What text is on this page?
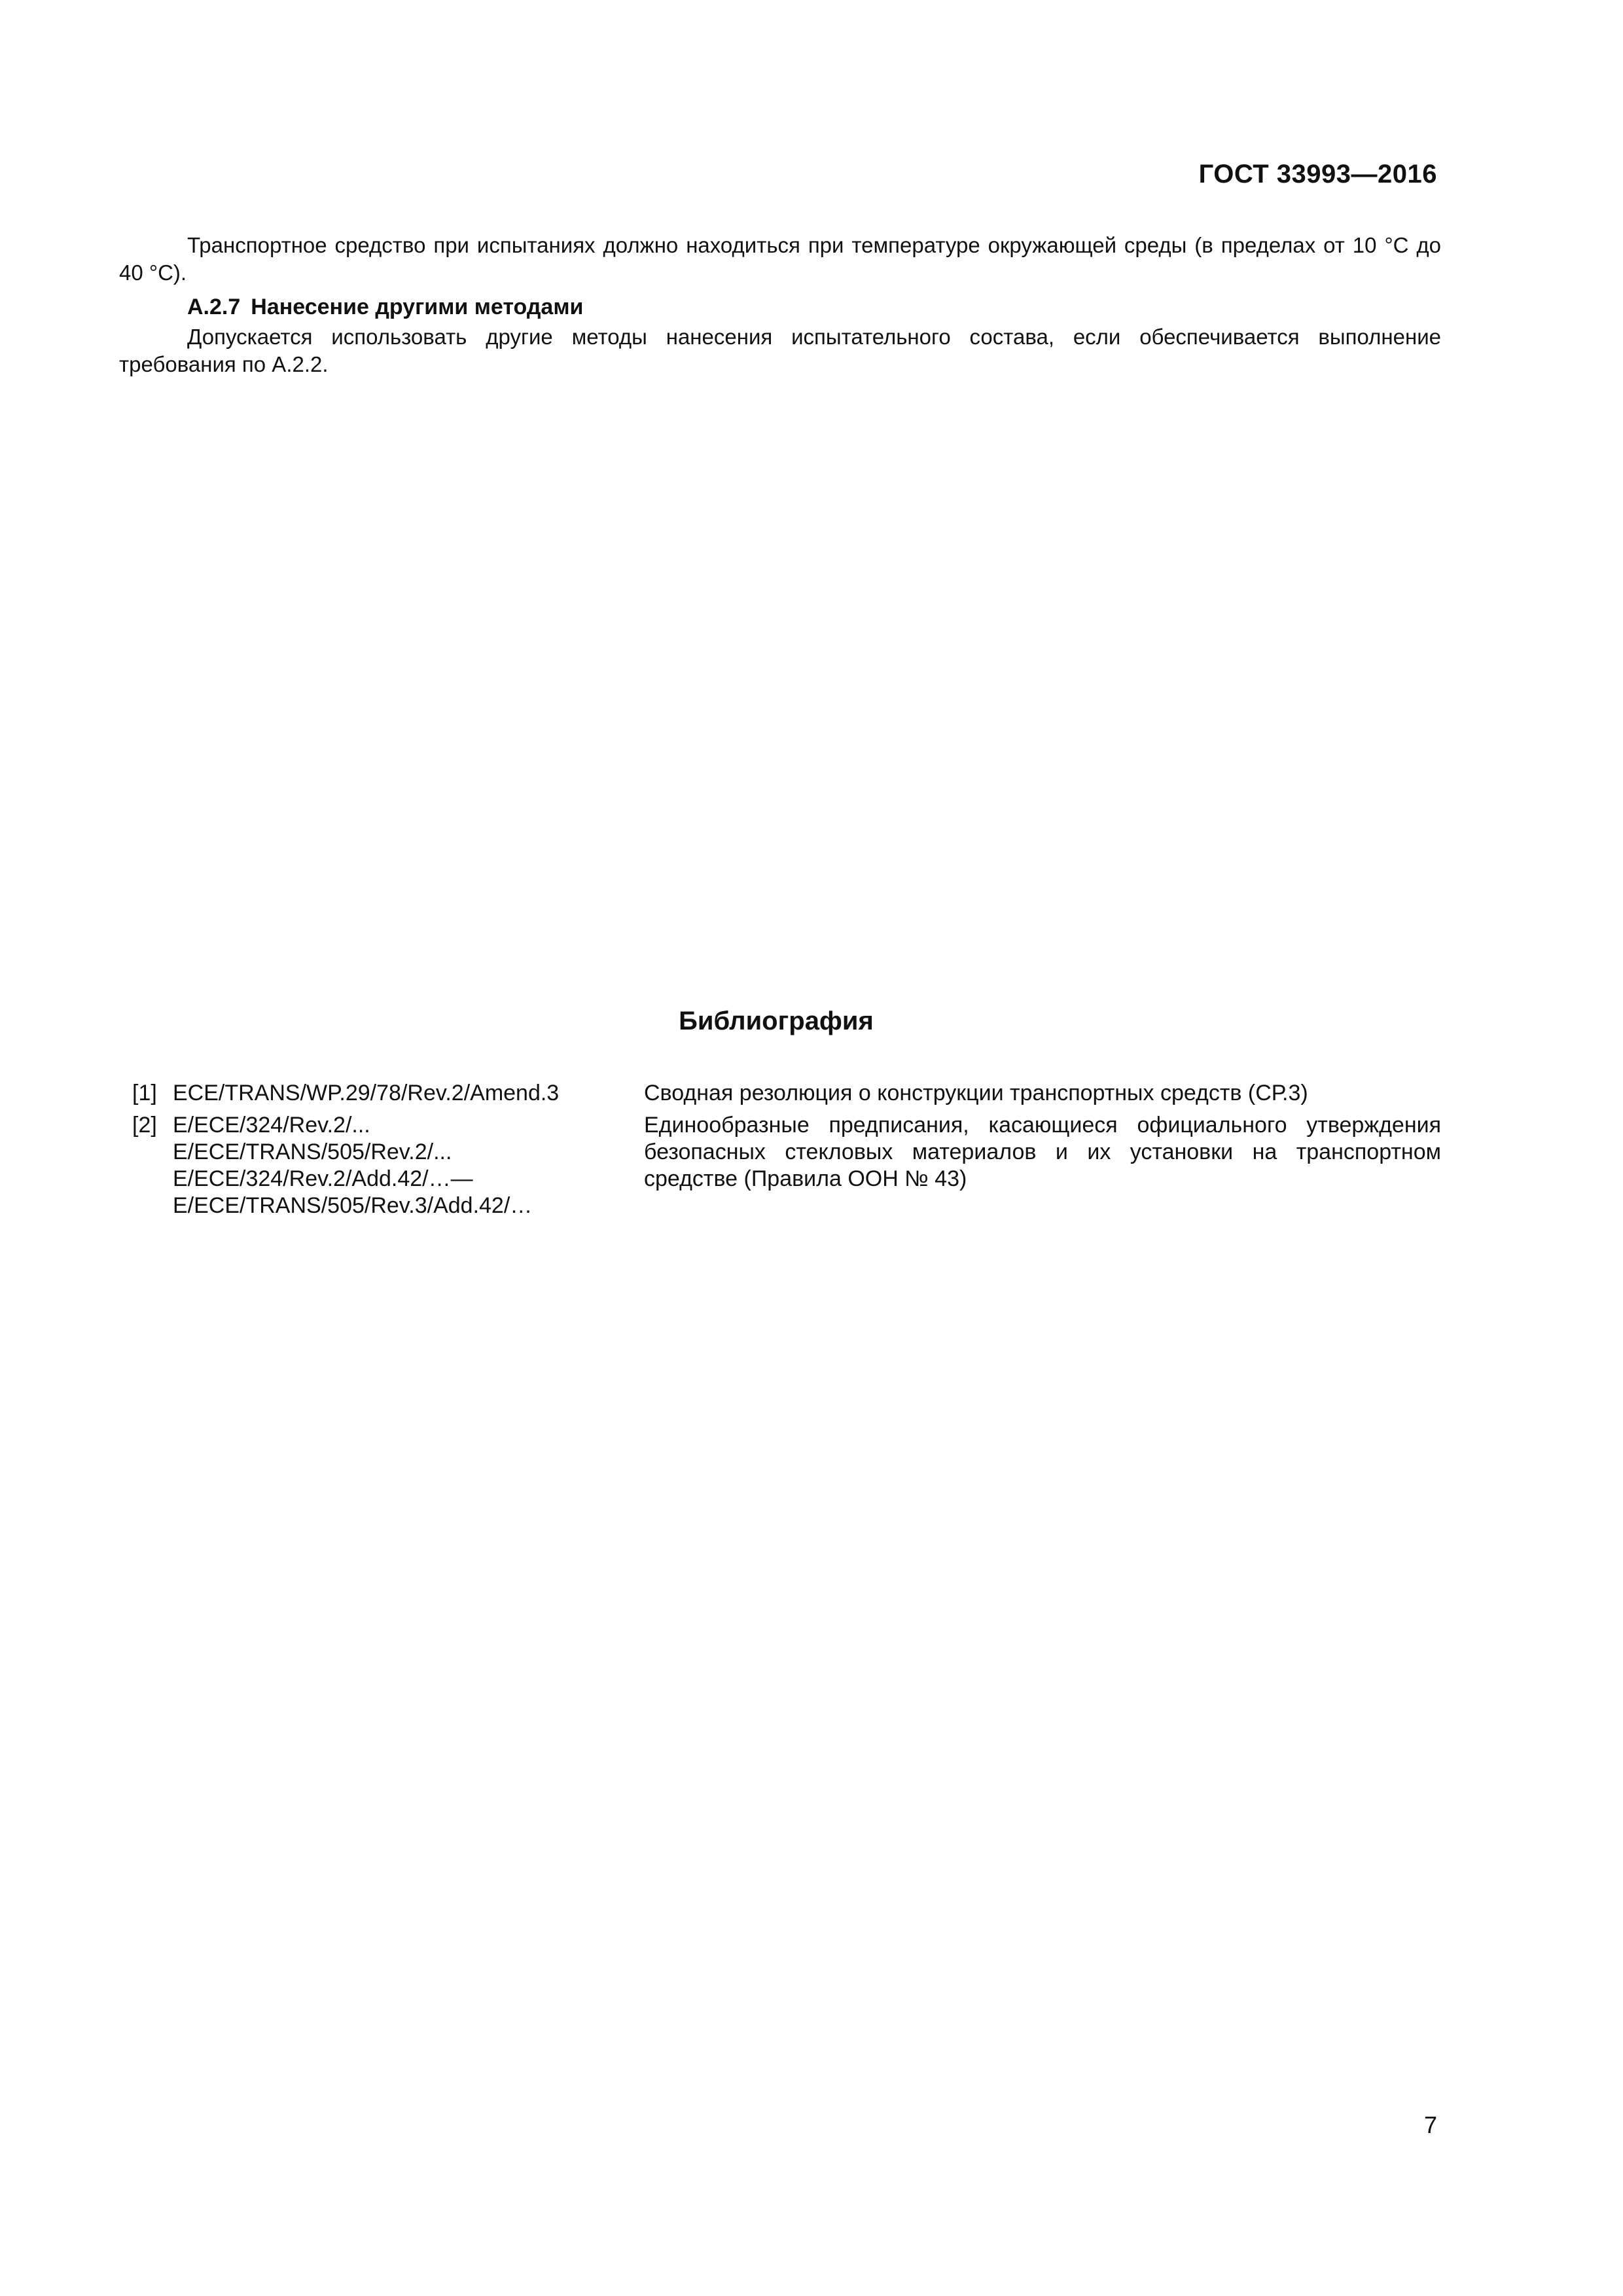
ГОСТ 33993—2016
Транспортное средство при испытаниях должно находиться при температуре окружающей среды (в пределах от 10 °С до 40 °С).
А.2.7 Нанесение другими методами
Допускается использовать другие методы нанесения испытательного состава, если обеспечивается выполнение требования по А.2.2.
Библиография
[1] ECE/TRANS/WP.29/78/Rev.2/Amend.3	Сводная резолюция о конструкции транспортных средств (СР.3)
[2] E/ECE/324/Rev.2/...
E/ECE/TRANS/505/Rev.2/...
E/ECE/324/Rev.2/Add.42/…—
E/ECE/TRANS/505/Rev.3/Add.42/…
Единообразные предписания, касающиеся официального утверждения безопасных стекловых материалов и их установки на транспортном средстве (Правила ООН № 43)
7
